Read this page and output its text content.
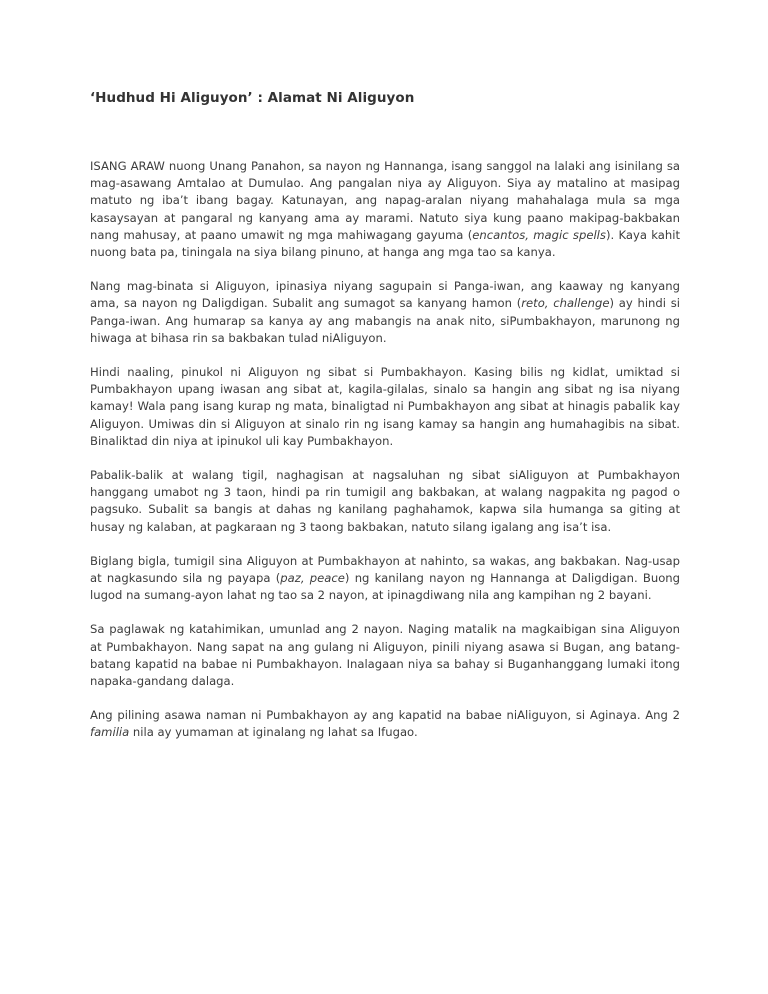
‘Hudhud Hi Aliguyon’ : Alamat Ni Aliguyon

ISANG ARAW nuong Unang Panahon, sa nayon ng Hannanga, isang sanggol na lalaki ang isinilang sa mag-asawang Amtalao at Dumulao. Ang pangalan niya ay Aliguyon. Siya ay matalino at masipag matuto ng iba’t ibang bagay. Katunayan, ang napag-aralan niyang mahahalaga mula sa mga kasaysayan at pangaral ng kanyang ama ay marami. Natuto siya kung paano makipag-bakbakan nang mahusay, at paano umawit ng mga mahiwagang gayuma (encantos, magic spells). Kaya kahit nuong bata pa, tiningala na siya bilang pinuno, at hanga ang mga tao sa kanya.

Nang mag-binata si Aliguyon, ipinasiya niyang sagupain si Panga-iwan, ang kaaway ng kanyang ama, sa nayon ng Daligdigan. Subalit ang sumagot sa kanyang hamon (reto, challenge) ay hindi si Panga-iwan. Ang humarap sa kanya ay ang mabangis na anak nito, siPumbakhayon, marunong ng hiwaga at bihasa rin sa bakbakan tulad niAliguyon.

Hindi naaling, pinukol ni Aliguyon ng sibat si Pumbakhayon. Kasing bilis ng kidlat, umiktad si Pumbakhayon upang iwasan ang sibat at, kagila-gilalas, sinalo sa hangin ang sibat ng isa niyang kamay! Wala pang isang kurap ng mata, binaligtad ni Pumbakhayon ang sibat at hinagis pabalik kay Aliguyon. Umiwas din si Aliguyon at sinalo rin ng isang kamay sa hangin ang humahagibis na sibat. Binaliktad din niya at ipinukol uli kay Pumbakhayon.

Pabalik-balik at walang tigil, naghagisan at nagsaluhan ng sibat siAliguyon at Pumbakhayon hanggang umabot ng 3 taon, hindi pa rin tumigil ang bakbakan, at walang nagpakita ng pagod o pagsuko. Subalit sa bangis at dahas ng kanilang paghahamok, kapwa sila humanga sa giting at husay ng kalaban, at pagkaraan ng 3 taong bakbakan, natuto silang igalang ang isa’t isa.

Biglang bigla, tumigil sina Aliguyon at Pumbakhayon at nahinto, sa wakas, ang bakbakan. Nag-usap at nagkasundo sila ng payapa (paz, peace) ng kanilang nayon ng Hannanga at Daligdigan. Buong lugod na sumang-ayon lahat ng tao sa 2 nayon, at ipinagdiwang nila ang kampihan ng 2 bayani.

Sa paglawak ng katahimikan, umunlad ang 2 nayon. Naging matalik na magkaibigan sina Aliguyon at Pumbakhayon. Nang sapat na ang gulang ni Aliguyon, pinili niyang asawa si Bugan, ang batang-batang kapatid na babae ni Pumbakhayon. Inalagaan niya sa bahay si Buganhanggang lumaki itong napaka-gandang dalaga.

Ang pilining asawa naman ni Pumbakhayon ay ang kapatid na babae niAliguyon, si Aginaya. Ang 2 familia nila ay yumaman at iginalang ng lahat sa Ifugao.
